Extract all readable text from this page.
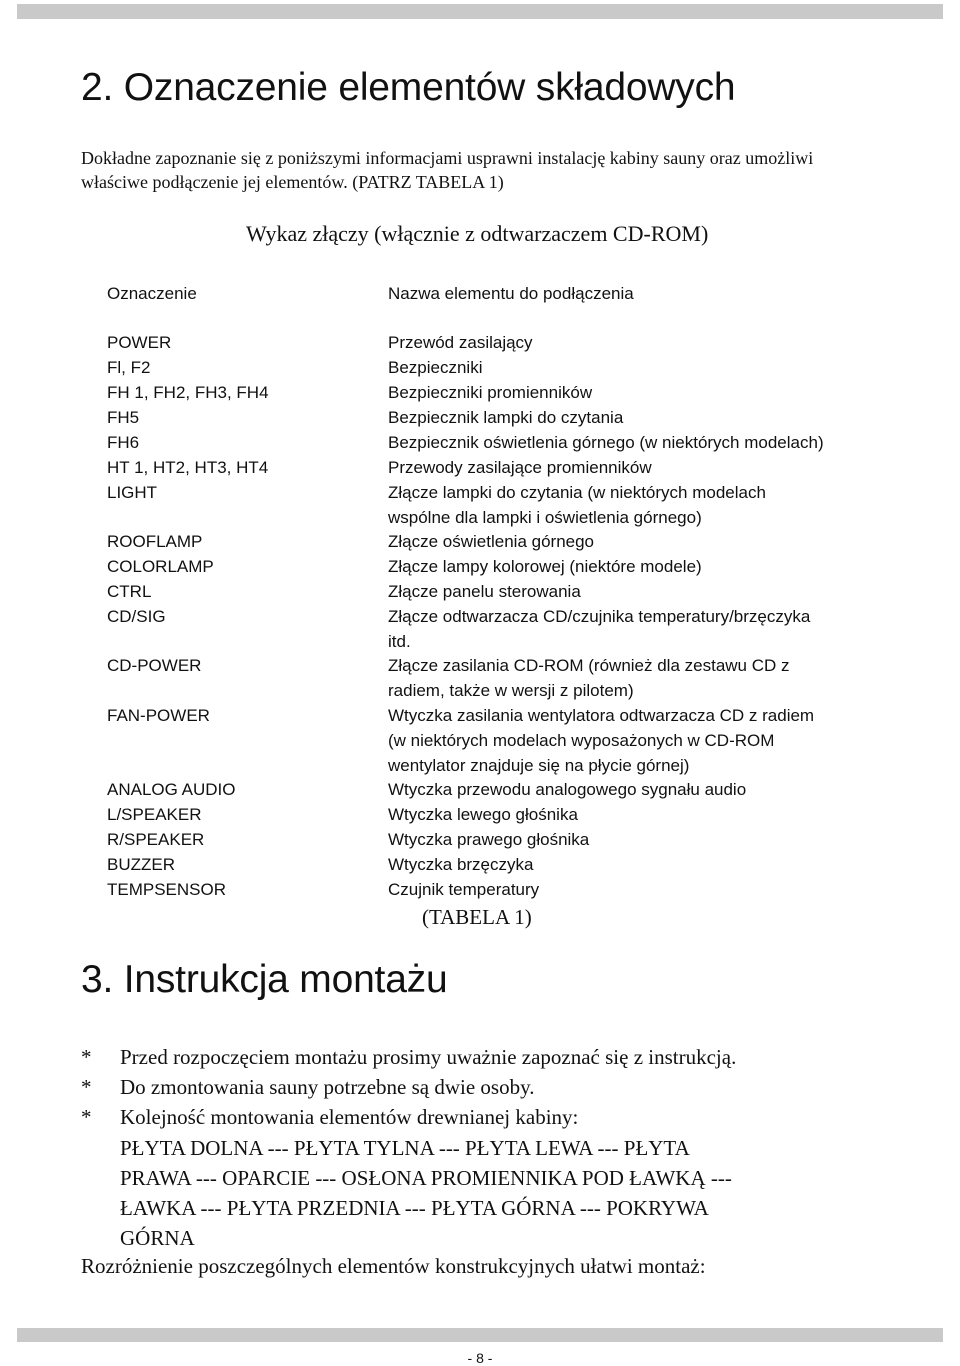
2. Oznaczenie elementów składowych

Dokładne zapoznanie się z poniższymi informacjami usprawni instalację kabiny sauny oraz umożliwi właściwe podłączenie jej elementów. (PATRZ TABELA 1)

Wykaz złączy (włącznie z odtwarzaczem CD-ROM)
Oznaczenie	Nazwa elementu do podłączenia
POWER
Fl, F2
FH 1, FH2, FH3, FH4
FH5
FH6
HT 1, HT2, HT3, HT4
LIGHT
ROOFLAMP
COLORLAMP
CTRL
CD/SIG
CD-POWER
FAN-POWER
ANALOG AUDIO
L/SPEAKER
R/SPEAKER
BUZZER
TEMPSENSOR
Przewód zasilający
Bezpieczniki
Bezpieczniki promienników
Bezpiecznik lampki do czytania
Bezpiecznik oświetlenia górnego (w niektórych modelach)
Przewody zasilające promienników
Złącze lampki do czytania (w niektórych modelach
wspólne dla lampki i oświetlenia górnego)
Złącze oświetlenia górnego
Złącze lampy kolorowej (niektóre modele)
Złącze panelu sterowania
Złącze odtwarzacza CD/czujnika temperatury/brzęczyka
itd.
Złącze zasilania CD-ROM (również dla zestawu CD z
radiem, także w wersji z pilotem)
Wtyczka zasilania wentylatora odtwarzacza CD z radiem
(w niektórych modelach wyposażonych w CD-ROM
wentylator znajduje się na płycie górnej)
Wtyczka przewodu analogowego sygnału audio
Wtyczka lewego głośnika
Wtyczka prawego głośnika
Wtyczka brzęczyka
Czujnik temperatury
(TABELA 1)
3. Instrukcja montażu
* Przed rozpoczęciem montażu prosimy uważnie zapoznać się z instrukcją.
* Do zmontowania sauny potrzebne są dwie osoby.
* Kolejność montowania elementów drewnianej kabiny:
PŁYTA DOLNA --- PŁYTA TYLNA --- PŁYTA LEWA --- PŁYTA
PRAWA --- OPARCIE --- OSŁONA PROMIENNIKA POD ŁAWKĄ ---
ŁAWKA --- PŁYTA PRZEDNIA --- PŁYTA GÓRNA --- POKRYWA
GÓRNA
Rozróżnienie poszczególnych elementów konstrukcyjnych ułatwi montaż:
- 8 -
